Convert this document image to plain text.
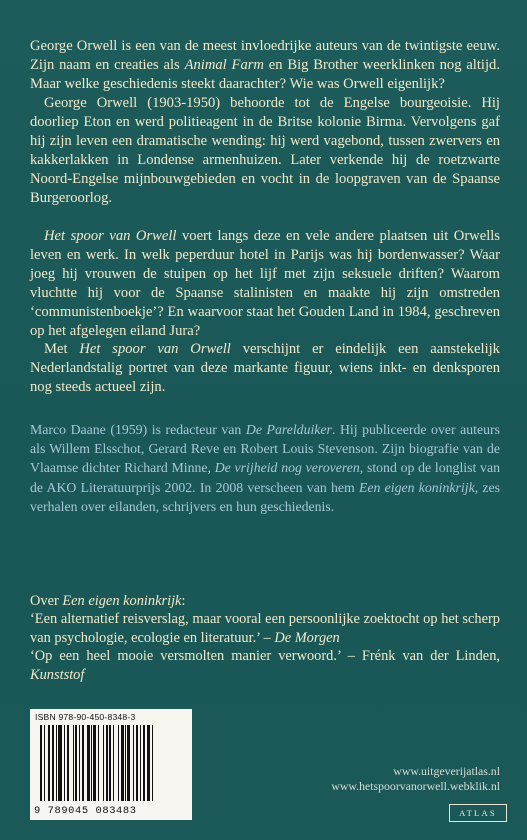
George Orwell is een van de meest invloedrijke auteurs van de twintigste eeuw. Zijn naam en creaties als Animal Farm en Big Brother weerklinken nog altijd. Maar welke geschiedenis steekt daarachter? Wie was Orwell eigenlijk?

George Orwell (1903-1950) behoorde tot de Engelse bourgeoisie. Hij doorliep Eton en werd politieagent in de Britse kolonie Birma. Vervolgens gaf hij zijn leven een dramatische wending: hij werd vagebond, tussen zwervers en kakkerlakken in Londense armenhuizen. Later verkende hij de roetzwarte Noord-Engelse mijnbouwgebieden en vocht in de loopgraven van de Spaanse Burgeroorlog.

Het spoor van Orwell voert langs deze en vele andere plaatsen uit Orwells leven en werk. In welk peperduur hotel in Parijs was hij bordenwasser? Waar joeg hij vrouwen de stuipen op het lijf met zijn seksuele driften? Waarom vluchtte hij voor de Spaanse stalinisten en maakte hij zijn omstreden ‘communistenboekje’? En waarvoor staat het Gouden Land in 1984, geschreven op het afgelegen eiland Jura?

Met Het spoor van Orwell verschijnt er eindelijk een aanstekelijk Nederlandstalig portret van deze markante figuur, wiens inkt- en denksporen nog steeds actueel zijn.

Marco Daane (1959) is redacteur van De Parelduiker. Hij publiceerde over auteurs als Willem Elsschot, Gerard Reve en Robert Louis Stevenson. Zijn biografie van de Vlaamse dichter Richard Minne, De vrijheid nog veroveren, stond op de longlist van de AKO Literatuurprijs 2002. In 2008 verscheen van hem Een eigen koninkrijk, zes verhalen over eilanden, schrijvers en hun geschiedenis.

Over Een eigen koninkrijk:

‘Een alternatief reisverslag, maar vooral een persoonlijke zoektocht op het scherp van psychologie, ecologie en literatuur.’ – De Morgen

‘Op een heel mooie versmolten manier verwoord.’ – Frénk van der Linden, Kunststof

ISBN 978-90-450-8348-3
9 789045 083483
www.uitgeverijatlas.nl
www.hetspoorvanorwell.webklik.nl
ATLAS
